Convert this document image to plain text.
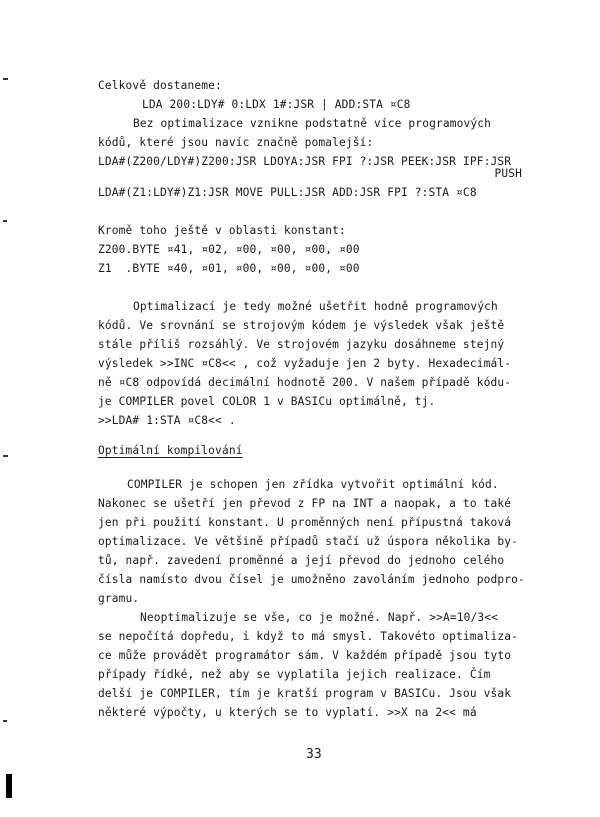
Celkově dostaneme:
LDA 200:LDY# 0:LDX 1#:JSR | ADD:STA ¤C8
Bez optimalizace vznikne podstatně více programových
kódů, které jsou navíc značně pomalejší:
LDA#(Z200/LDY#)Z200:JSR LDOYA:JSR FPI ?:JSR PEEK:JSR IPF:JSR
PUSH
LDA#(Z1:LDY#)Z1:JSR MOVE PULL:JSR ADD:JSR FPI ?:STA ¤C8
Kromě toho ještě v oblasti konstant:
Z200.BYTE ¤41, ¤02, ¤00, ¤00, ¤00, ¤00
Z1  .BYTE ¤40, ¤01, ¤00, ¤00, ¤00, ¤00
Optimalizací je tedy možné ušetřit hodně programových
kódů. Ve srovnání se strojovým kódem je výsledek však ještě
stále příliš rozsáhlý. Ve strojovém jazyku dosáhneme stejný
výsledek >>INC ¤C8<< , což vyžaduje jen 2 byty. Hexadecimál-
ně ¤C8 odpovídá decimální hodnotě 200. V našem případě kódu-
je COMPILER povel COLOR 1 v BASICu optimálně, tj.
>>LDA# 1:STA ¤C8<< .
Optimální kompilování
COMPILER je schopen jen zřídka vytvořit optimální kód.
Nakonec se ušetří jen převod z FP na INT a naopak, a to také
jen při použití konstant. U proměnných není přípustná taková
optimalizace. Ve většině případů stačí už úspora několika by-
tů, např. zavedení proměnné a její převod do jednoho celého
čísla namísto dvou čísel je umožněno zavoláním jednoho podpro-
gramu.
Neoptimalizuje se vše, co je možné. Např. >>A=10/3<<
se nepočítá dopředu, i když to má smysl. Takovéto optimaliza-
ce může provádět programátor sám. V každém případě jsou tyto
případy řídké, než aby se vyplatila jejich realizace. Čím
delší je COMPILER, tím je kratší program v BASICu. Jsou však
některé výpočty, u kterých se to vyplatí. >>X na 2<< má
33
